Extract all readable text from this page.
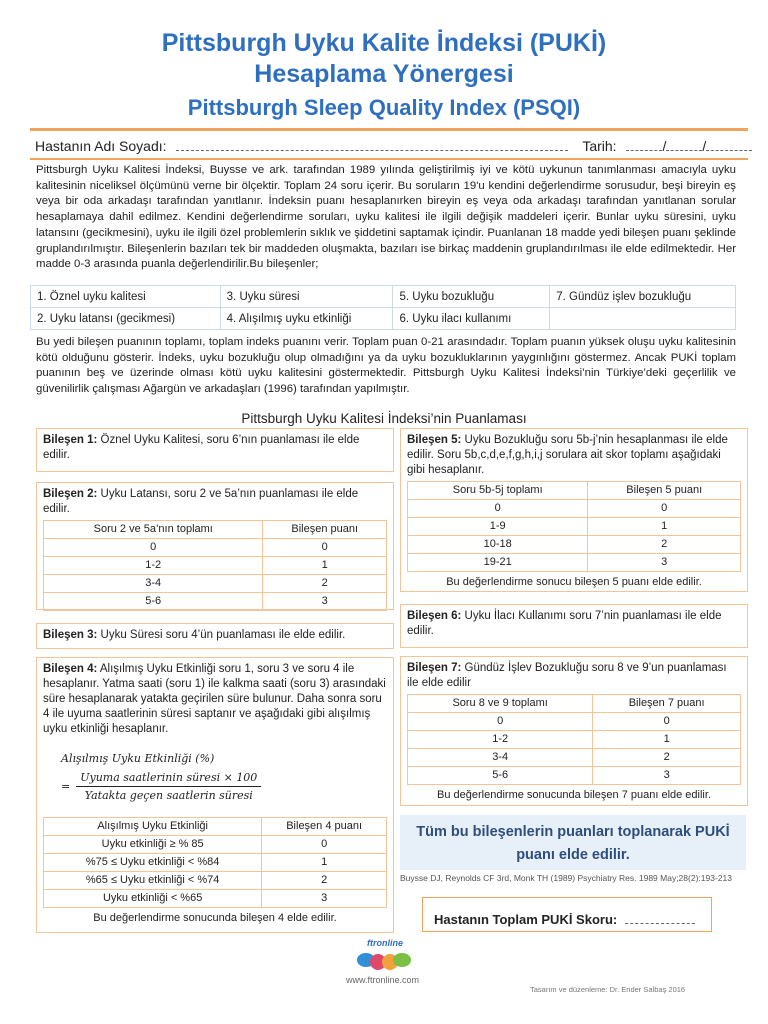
Pittsburgh Uyku Kalite İndeksi (PUKİ)
Hesaplama Yönergesi
Pittsburgh Sleep Quality Index (PSQI)
Hastanın Adı Soyadı:	Tarih:	/	/
Pittsburgh Uyku Kalitesi İndeksi, Buysse ve ark. tarafından 1989 yılında geliştirilmiş iyi ve kötü uykunun tanımlanması amacıyla uyku kalitesinin niceliksel ölçümünü verne bir ölçektir. Toplam 24 soru içerir. Bu soruların 19'u kendini değerlendirme sorusudur, beşi bireyin eş veya bir oda arkadaşı tarafından yanıtlanır. İndeksin puanı hesaplanırken bireyin eş veya oda arkadaşı tarafından yanıtlanan sorular hesaplamaya dahil edilmez. Kendini değerlendirme soruları, uyku kalitesi ile ilgili değişik maddeleri içerir. Bunlar uyku süresini, uyku latansını (gecikmesini), uyku ile ilgili özel problemlerin sıklık ve şiddetini saptamak içindir. Puanlanan 18 madde yedi bileşen puanı şeklinde gruplandırılmıştır. Bileşenlerin bazıları tek bir maddeden oluşmakta, bazıları ise birkaç maddenin gruplandırılması ile elde edilmektedir. Her madde 0-3 arasında puanla değerlendirilir.Bu bileşenler;
1. Öznel uyku kalitesi	3. Uyku süresi	5. Uyku bozukluğu	7. Gündüz işlev bozukluğu
2. Uyku latansı (gecikmesi)	4. Alışılmış uyku etkinliği	6. Uyku ilacı kullanımı	
Bu yedi bileşen puanının toplamı, toplam indeks puanını verir. Toplam puan 0-21 arasındadır. Toplam puanın yüksek oluşu uyku kalitesinin kötü olduğunu gösterir. İndeks, uyku bozukluğu olup olmadığını ya da uyku bozukluklarının yaygınlığını göstermez. Ancak PUKİ toplam puanının beş ve üzerinde olması kötü uyku kalitesini göstermektedir. Pittsburgh Uyku Kalitesi İndeksi’nin Türkiye’deki geçerlilik ve güvenilirlik çalışması Ağargün ve arkadaşları (1996) tarafından yapılmıştır.
Pittsburgh Uyku Kalitesi İndeksi’nin Puanlaması
Bileşen 1: Öznel Uyku Kalitesi, soru 6’nın puanlaması ile elde edilir.
Bileşen 2: Uyku Latansı, soru 2 ve 5a’nın puanlaması ile elde edilir.
Soru 2 ve 5a’nın toplamı	Bileşen puanı
0	0
1-2	1
3-4	2
5-6	3
Bileşen 3: Uyku Süresi soru 4’ün puanlaması ile elde edilir.
Bileşen 4: Alışılmış Uyku Etkinliği soru 1, soru 3 ve soru 4 ile hesaplanır. Yatma saati (soru 1) ile kalkma saati (soru 3) arasındaki süre hesaplanarak yatakta geçirilen süre bulunur. Daha sonra soru 4 ile uyuma saatlerinin süresi saptanır ve aşağıdaki gibi alışılmış uyku etkinliği hesaplanır.
Alışılmış Uyku Etkinliği (%)
=
Uyuma saatlerinin süresi × 100
Yatakta geçen saatlerin süresi
Alışılmış Uyku Etkinliği	Bileşen 4 puanı
Uyku etkinliği ≥ % 85	0
%75 ≤ Uyku etkinliği < %84	1
%65 ≤ Uyku etkinliği < %74	2
Uyku etkinliği < %65	3
Bu değerlendirme sonucunda bileşen 4 elde edilir.
Bileşen 5: Uyku Bozukluğu soru 5b-j’nin hesaplanması ile elde edilir. Soru 5b,c,d,e,f,g,h,i,j sorulara ait skor toplamı aşağıdaki gibi hesaplanır.
Soru 5b-5j toplamı	Bileşen 5 puanı
0	0
1-9	1
10-18	2
19-21	3
Bu değerlendirme sonucu bileşen 5 puanı elde edilir.
Bileşen 6: Uyku İlacı Kullanımı soru 7’nin puanlaması ile elde edilir.
Bileşen 7: Gündüz İşlev Bozukluğu soru 8 ve 9’un puanlaması ile elde edilir
Soru 8 ve 9 toplamı	Bileşen 7 puanı
0	0
1-2	1
3-4	2
5-6	3
Bu değerlendirme sonucunda bileşen 7 puanı elde edilir.
Tüm bu bileşenlerin puanları toplanarak PUKİ
puanı elde edilir.
Buysse DJ, Reynolds CF 3rd, Monk TH (1989) Psychiatry Res. 1989 May;28(2):193-213
Hastanın Toplam PUKİ Skoru:
ftronline
www.ftronline.com
Tasarım ve düzenleme: Dr. Ender Salbaş 2016
